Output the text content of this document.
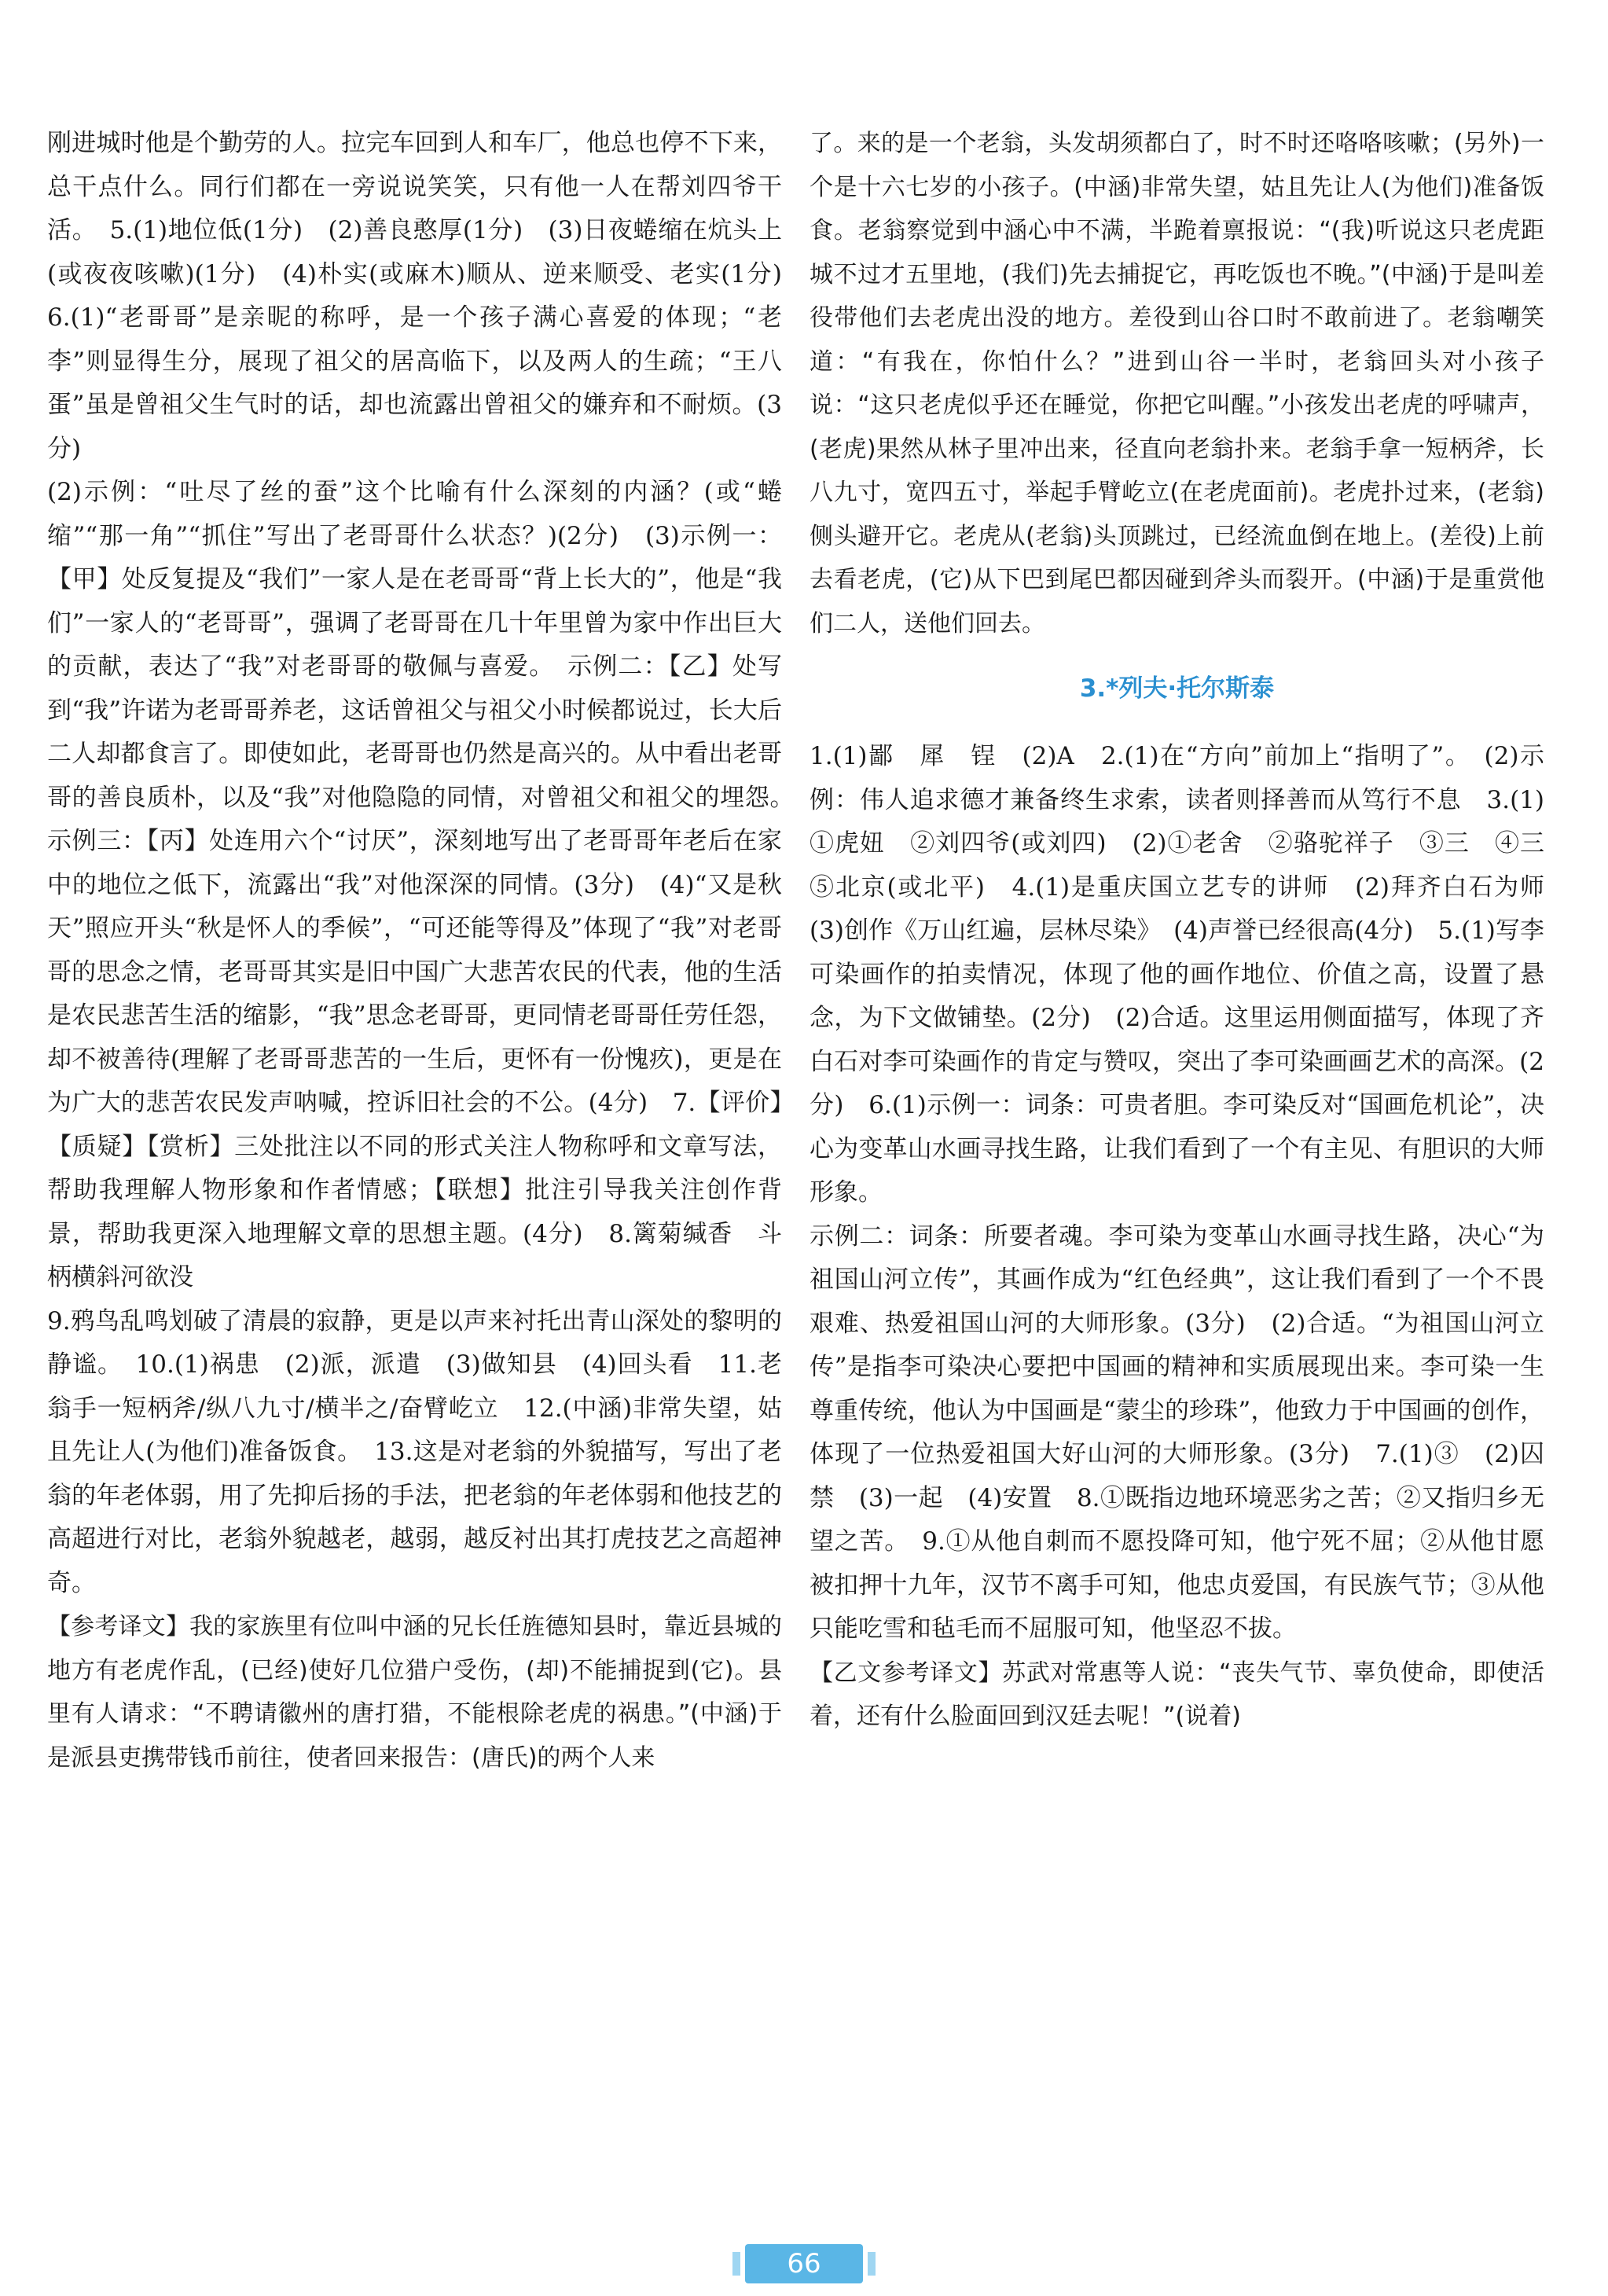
刚进城时他是个勤劳的人。拉完车回到人和车厂，他总也停不下来，总干点什么。同行们都在一旁说说笑笑，只有他一人在帮刘四爷干活。　5.(1)地位低(1分)　(2)善良憨厚(1分)　(3)日夜蜷缩在炕头上(或夜夜咳嗽)(1分)　(4)朴实(或麻木)顺从、逆来顺受、老实(1分)　6.(1)“老哥哥”是亲昵的称呼，是一个孩子满心喜爱的体现；“老李”则显得生分，展现了祖父的居高临下，以及两人的生疏；“王八蛋”虽是曾祖父生气时的话，却也流露出曾祖父的嫌弃和不耐烦。(3分)

(2)示例：“吐尽了丝的蚕”这个比喻有什么深刻的内涵？(或“蜷缩”“那一角”“抓住”写出了老哥哥什么状态？)(2分)　(3)示例一：【甲】处反复提及“我们”一家人是在老哥哥“背上长大的”，他是“我们”一家人的“老哥哥”，强调了老哥哥在几十年里曾为家中作出巨大的贡献，表达了“我”对老哥哥的敬佩与喜爱。　示例二：【乙】处写到“我”许诺为老哥哥养老，这话曾祖父与祖父小时候都说过，长大后二人却都食言了。即使如此，老哥哥也仍然是高兴的。从中看出老哥哥的善良质朴，以及“我”对他隐隐的同情，对曾祖父和祖父的埋怨。　示例三：【丙】处连用六个“讨厌”，深刻地写出了老哥哥年老后在家中的地位之低下，流露出“我”对他深深的同情。(3分)　(4)“又是秋天”照应开头“秋是怀人的季候”，“可还能等得及”体现了“我”对老哥哥的思念之情，老哥哥其实是旧中国广大悲苦农民的代表，他的生活是农民悲苦生活的缩影，“我”思念老哥哥，更同情老哥哥任劳任怨，却不被善待(理解了老哥哥悲苦的一生后，更怀有一份愧疚)，更是在为广大的悲苦农民发声呐喊，控诉旧社会的不公。(4分)　7.【评价】【质疑】【赏析】三处批注以不同的形式关注人物称呼和文章写法，帮助我理解人物形象和作者情感；【联想】批注引导我关注创作背景，帮助我更深入地理解文章的思想主题。(4分)　8.篱菊缄香　斗柄横斜河欲没

9.鸦鸟乱鸣划破了清晨的寂静，更是以声来衬托出青山深处的黎明的静谧。　10.(1)祸患　(2)派，派遣　(3)做知县　(4)回头看　11.老翁手一短柄斧/纵八九寸/横半之/奋臂屹立　12.(中涵)非常失望，姑且先让人(为他们)准备饭食。　13.这是对老翁的外貌描写，写出了老翁的年老体弱，用了先抑后扬的手法，把老翁的年老体弱和他技艺的高超进行对比，老翁外貌越老，越弱，越反衬出其打虎技艺之高超神奇。

【参考译文】我的家族里有位叫中涵的兄长任旌德知县时，靠近县城的地方有老虎作乱，(已经)使好几位猎户受伤，(却)不能捕捉到(它)。县里有人请求：“不聘请徽州的唐打猎，不能根除老虎的祸患。”(中涵)于是派县吏携带钱币前往，使者回来报告：(唐氏)的两个人来

了。来的是一个老翁，头发胡须都白了，时不时还咯咯咳嗽；(另外)一个是十六七岁的小孩子。(中涵)非常失望，姑且先让人(为他们)准备饭食。老翁察觉到中涵心中不满，半跪着禀报说：“(我)听说这只老虎距城不过才五里地，(我们)先去捕捉它，再吃饭也不晚。”(中涵)于是叫差役带他们去老虎出没的地方。差役到山谷口时不敢前进了。老翁嘲笑道：“有我在，你怕什么？”进到山谷一半时，老翁回头对小孩子说：“这只老虎似乎还在睡觉，你把它叫醒。”小孩发出老虎的呼啸声，(老虎)果然从林子里冲出来，径直向老翁扑来。老翁手拿一短柄斧，长八九寸，宽四五寸，举起手臂屹立(在老虎面前)。老虎扑过来，(老翁)侧头避开它。老虎从(老翁)头顶跳过，已经流血倒在地上。(差役)上前去看老虎，(它)从下巴到尾巴都因碰到斧头而裂开。(中涵)于是重赏他们二人，送他们回去。

3.*列夫·托尔斯泰

1.(1)鄙　犀　锃　(2)A　2.(1)在“方向”前加上“指明了”。　(2)示例：伟人追求德才兼备终生求索，读者则择善而从笃行不息　3.(1)①虎妞　②刘四爷(或刘四)　(2)①老舍　②骆驼祥子　③三　④三　⑤北京(或北平)　4.(1)是重庆国立艺专的讲师　(2)拜齐白石为师　(3)创作《万山红遍，层林尽染》　(4)声誉已经很高(4分)　5.(1)写李可染画作的拍卖情况，体现了他的画作地位、价值之高，设置了悬念，为下文做铺垫。(2分)　(2)合适。这里运用侧面描写，体现了齐白石对李可染画作的肯定与赞叹，突出了李可染画画艺术的高深。(2分)　6.(1)示例一：词条：可贵者胆。李可染反对“国画危机论”，决心为变革山水画寻找生路，让我们看到了一个有主见、有胆识的大师形象。

示例二：词条：所要者魂。李可染为变革山水画寻找生路，决心“为祖国山河立传”，其画作成为“红色经典”，这让我们看到了一个不畏艰难、热爱祖国山河的大师形象。(3分)　(2)合适。“为祖国山河立传”是指李可染决心要把中国画的精神和实质展现出来。李可染一生尊重传统，他认为中国画是“蒙尘的珍珠”，他致力于中国画的创作，体现了一位热爱祖国大好山河的大师形象。(3分)　7.(1)③　(2)囚禁　(3)一起　(4)安置　8.①既指边地环境恶劣之苦；②又指归乡无望之苦。　9.①从他自刺而不愿投降可知，他宁死不屈；②从他甘愿被扣押十九年，汉节不离手可知，他忠贞爱国，有民族气节；③从他只能吃雪和毡毛而不屈服可知，他坚忍不拔。

【乙文参考译文】苏武对常惠等人说：“丧失气节、辜负使命，即使活着，还有什么脸面回到汉廷去呢！”(说着)

66
